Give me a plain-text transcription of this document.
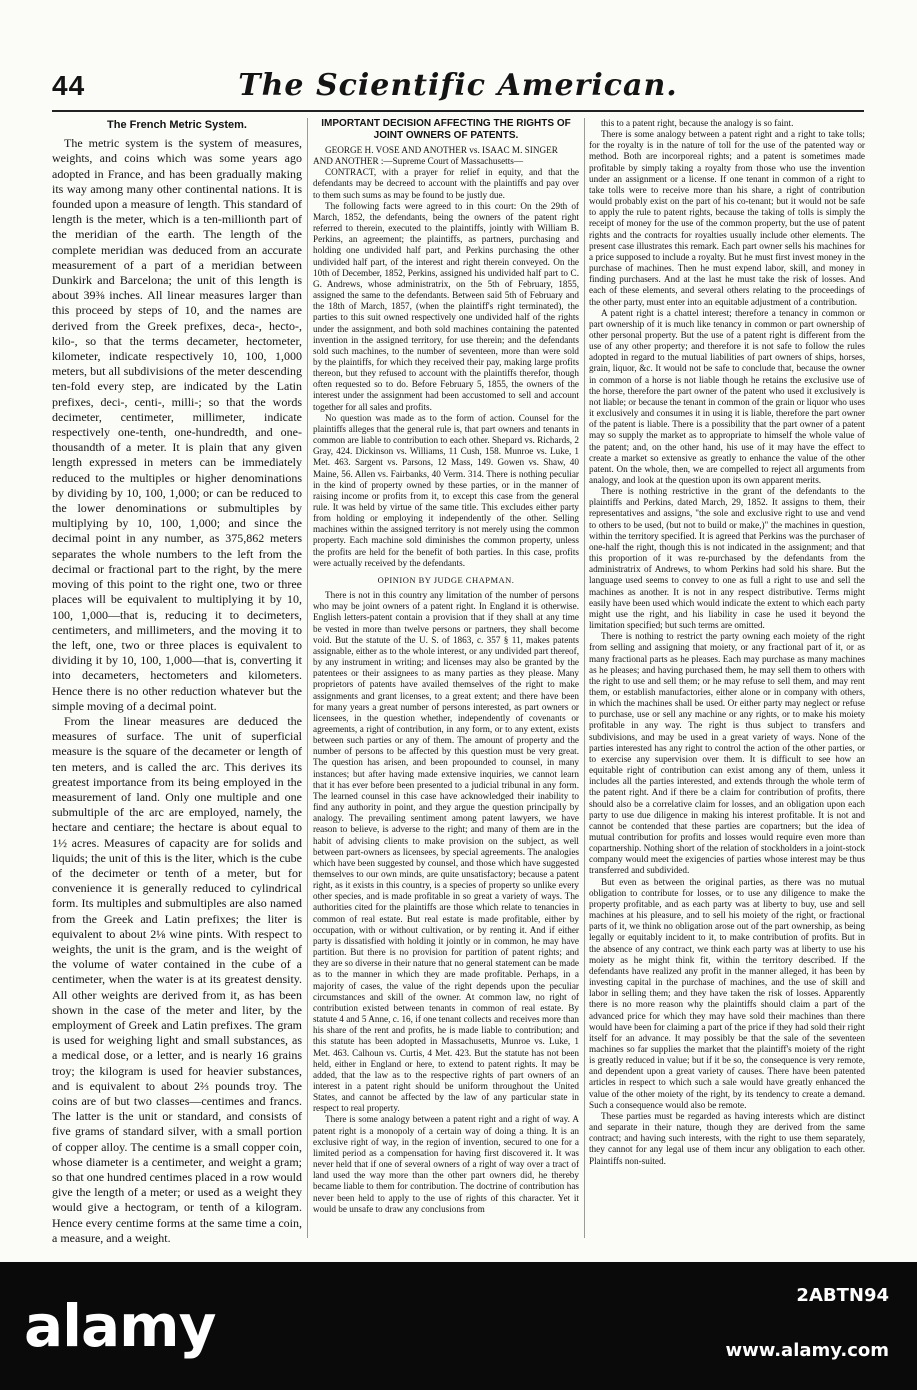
44	The Scientific American.
The French Metric System.

The metric system is the system of measures, weights, and coins which was some years ago adopted in France, and has been gradually making its way among many other continental nations. It is founded upon a measure of length. This standard of length is the meter, which is a ten-millionth part of the meridian of the earth. The length of the complete meridian was deduced from an accurate measurement of a part of a meridian between Dunkirk and Barcelona; the unit of this length is about 39⅜ inches. All linear measures larger than this proceed by steps of 10, and the names are derived from the Greek prefixes, deca-, hecto-, kilo-, so that the terms decameter, hectometer, kilometer, indicate respectively 10, 100, 1,000 meters, but all subdivisions of the meter descending ten-fold every step, are indicated by the Latin prefixes, deci-, centi-, milli-; so that the words decimeter, centimeter, millimeter, indicate respectively one-tenth, one-hundredth, and one-thousandth of a meter. It is plain that any given length expressed in meters can be immediately reduced to the multiples or higher denominations by dividing by 10, 100, 1,000; or can be reduced to the lower denominations or submultiples by multiplying by 10, 100, 1,000; and since the decimal point in any number, as 375,862 meters separates the whole numbers to the left from the decimal or fractional part to the right, by the mere moving of this point to the right one, two or three places will be equivalent to multiplying it by 10, 100, 1,000—that is, reducing it to decimeters, centimeters, and millimeters, and the moving it to the left, one, two or three places is equivalent to dividing it by 10, 100, 1,000—that is, converting it into decameters, hectometers and kilometers. Hence there is no other reduction whatever but the simple moving of a decimal point.

From the linear measures are deduced the measures of surface. The unit of superficial measure is the square of the decameter or length of ten meters, and is called the arc. This derives its greatest importance from its being employed in the measurement of land. Only one multiple and one submultiple of the arc are employed, namely, the hectare and centiare; the hectare is about equal to 1½ acres. Measures of capacity are for solids and liquids; the unit of this is the liter, which is the cube of the decimeter or tenth of a meter, but for convenience it is generally reduced to cylindrical form. Its multiples and submultiples are also named from the Greek and Latin prefixes; the liter is equivalent to about 2⅛ wine pints. With respect to weights, the unit is the gram, and is the weight of the volume of water contained in the cube of a centimeter, when the water is at its greatest density. All other weights are derived from it, as has been shown in the case of the meter and liter, by the employment of Greek and Latin prefixes. The gram is used for weighing light and small substances, as a medical dose, or a letter, and is nearly 16 grains troy; the kilogram is used for heavier substances, and is equivalent to about 2⅔ pounds troy. The coins are of but two classes—centimes and francs. The latter is the unit or standard, and consists of five grams of standard silver, with a small portion of copper alloy. The centime is a small copper coin, whose diameter is a centimeter, and weight a gram; so that one hundred centimes placed in a row would give the length of a meter; or used as a weight they would give a hectogram, or tenth of a kilogram. Hence every centime forms at the same time a coin, a measure, and a weight.

IMPORTANT DECISION AFFECTING THE RIGHTS OF JOINT OWNERS OF PATENTS.

GEORGE H. VOSE AND ANOTHER vs. ISAAC M. SINGER AND ANOTHER :—Supreme Court of Massachusetts—

CONTRACT, with a prayer for relief in equity, and that the defendants may be decreed to account with the plaintiffs and pay over to them such sums as may be found to be justly due.

The following facts were agreed to in this court: On the 29th of March, 1852, the defendants, being the owners of the patent right referred to therein, executed to the plaintiffs, jointly with William B. Perkins, an agreement; the plaintiffs, as partners, purchasing and holding one undivided half part, and Perkins purchasing the other undivided half part, of the interest and right therein conveyed. On the 10th of December, 1852, Perkins, assigned his undivided half part to C. G. Andrews, whose administratrix, on the 5th of February, 1855, assigned the same to the defendants. Between said 5th of February and the 18th of March, 1857, (when the plaintiff's right terminated), the parties to this suit owned respectively one undivided half of the rights under the assignment, and both sold machines containing the patented invention in the assigned territory, for use therein; and the defendants sold such machines, to the number of seventeen, more than were sold by the plaintiffs, for which they received their pay, making large profits thereon, but they refused to account with the plaintiffs therefor, though often requested so to do. Before February 5, 1855, the owners of the interest under the assignment had been accustomed to sell and account together for all sales and profits.

No question was made as to the form of action. Counsel for the plaintiffs alleges that the general rule is, that part owners and tenants in common are liable to contribution to each other. Shepard vs. Richards, 2 Gray, 424. Dickinson vs. Williams, 11 Cush, 158. Munroe vs. Luke, 1 Met. 463. Sargent vs. Parsons, 12 Mass, 149. Gowen vs. Shaw, 40 Maine, 56. Allen vs. Fairbanks, 40 Verm. 314. There is nothing peculiar in the kind of property owned by these parties, or in the manner of raising income or profits from it, to except this case from the general rule. It was held by virtue of the same title. This excludes either party from holding or employing it independently of the other. Selling machines within the assigned territory is not merely using the common property. Each machine sold diminishes the common property, unless the profits are held for the benefit of both parties. In this case, profits were actually received by the defendants.

OPINION BY JUDGE CHAPMAN.

There is not in this country any limitation of the number of persons who may be joint owners of a patent right. In England it is otherwise. English letters-patent contain a provision that if they shall at any time be vested in more than twelve persons or partners, they shall become void. But the statute of the U. S. of 1863, c. 357 § 11, makes patents assignable, either as to the whole interest, or any undivided part thereof, by any instrument in writing; and licenses may also be granted by the patentees or their assignees to as many parties as they please. Many proprietors of patents have availed themselves of the right to make assignments and grant licenses, to a great extent; and there have been for many years a great number of persons interested, as part owners or licensees, in the question whether, independently of covenants or agreements, a right of contribution, in any form, or to any extent, exists between such parties or any of them. The amount of property and the number of persons to be affected by this question must be very great. The question has arisen, and been propounded to counsel, in many instances; but after having made extensive inquiries, we cannot learn that it has ever before been presented to a judicial tribunal in any form. The learned counsel in this case have acknowledged their inability to find any authority in point, and they argue the question principally by analogy. The prevailing sentiment among patent lawyers, we have reason to believe, is adverse to the right; and many of them are in the habit of advising clients to make provision on the subject, as well between part-owners as licensees, by special agreements. The analogies which have been suggested by counsel, and those which have suggested themselves to our own minds, are quite unsatisfactory; because a patent right, as it exists in this country, is a species of property so unlike every other species, and is made profitable in so great a variety of ways. The authorities cited for the plaintiffs are those which relate to tenancies in common of real estate. But real estate is made profitable, either by occupation, with or without cultivation, or by renting it. And if either party is dissatisfied with holding it jointly or in common, he may have partition. But there is no provision for partition of patent rights; and they are so diverse in their nature that no general statement can be made as to the manner in which they are made profitable. Perhaps, in a majority of cases, the value of the right depends upon the peculiar circumstances and skill of the owner. At common law, no right of contribution existed between tenants in common of real estate. By statute 4 and 5 Anne, c. 16, if one tenant collects and receives more than his share of the rent and profits, he is made liable to contribution; and this statute has been adopted in Massachusetts, Munroe vs. Luke, 1 Met. 463. Calhoun vs. Curtis, 4 Met. 423. But the statute has not been held, either in England or here, to extend to patent rights. It may be added, that the law as to the respective rights of part owners of an interest in a patent right should be uniform throughout the United States, and cannot be affected by the law of any particular state in respect to real property.

There is some analogy between a patent right and a right of way. A patent right is a monopoly of a certain way of doing a thing. It is an exclusive right of way, in the region of invention, secured to one for a limited period as a compensation for having first discovered it. It was never held that if one of several owners of a right of way over a tract of land used the way more than the other part owners did, he thereby became liable to them for contribution. The doctrine of contribution has never been held to apply to the use of rights of this character. Yet it would be unsafe to draw any conclusions from

this to a patent right, because the analogy is so faint.

There is some analogy between a patent right and a right to take tolls; for the royalty is in the nature of toll for the use of the patented way or method. Both are incorporeal rights; and a patent is sometimes made profitable by simply taking a royalty from those who use the invention under an assignment or a license. If one tenant in common of a right to take tolls were to receive more than his share, a right of contribution would probably exist on the part of his co-tenant; but it would not be safe to apply the rule to patent rights, because the taking of tolls is simply the receipt of money for the use of the common property, but the use of patent rights and the contracts for royalties usually include other elements. The present case illustrates this remark. Each part owner sells his machines for a price supposed to include a royalty. But he must first invest money in the purchase of machines. Then he must expend labor, skill, and money in finding purchasers. And at the last he must take the risk of losses. And each of these elements, and several others relating to the proceedings of the other party, must enter into an equitable adjustment of a contribution.

A patent right is a chattel interest; therefore a tenancy in common or part ownership of it is much like tenancy in common or part ownership of other personal property. But the use of a patent right is different from the use of any other property; and therefore it is not safe to follow the rules adopted in regard to the mutual liabilities of part owners of ships, horses, grain, liquor, &c. It would not be safe to conclude that, because the owner in common of a horse is not liable though he retains the exclusive use of the horse, therefore the part owner of the patent who used it exclusively is not liable; or because the tenant in common of the grain or liquor who uses it exclusively and consumes it in using it is liable, therefore the part owner of the patent is liable. There is a possibility that the part owner of a patent may so supply the market as to appropriate to himself the whole value of the patent; and, on the other hand, his use of it may have the effect to create a market so extensive as greatly to enhance the value of the other patent. On the whole, then, we are compelled to reject all arguments from analogy, and look at the question upon its own apparent merits.

There is nothing restrictive in the grant of the defendants to the plaintiffs and Perkins, dated March, 29, 1852. It assigns to them, their representatives and assigns, "the sole and exclusive right to use and vend to others to be used, (but not to build or make,)" the machines in question, within the territory specified. It is agreed that Perkins was the purchaser of one-half the right, though this is not indicated in the assignment; and that this proportion of it was re-purchased by the defendants from the administratrix of Andrews, to whom Perkins had sold his share. But the language used seems to convey to one as full a right to use and sell the machines as another. It is not in any respect distributive. Terms might easily have been used which would indicate the extent to which each party might use the right, and his liability in case he used it beyond the limitation specified; but such terms are omitted.

There is nothing to restrict the party owning each moiety of the right from selling and assigning that moiety, or any fractional part of it, or as many fractional parts as he pleases. Each may purchase as many machines as he pleases; and having purchased them, he may sell them to others with the right to use and sell them; or he may refuse to sell them, and may rent them, or establish manufactories, either alone or in company with others, in which the machines shall be used. Or either party may neglect or refuse to purchase, use or sell any machine or any rights, or to make his moiety profitable in any way. The right is thus subject to transfers and subdivisions, and may be used in a great variety of ways. None of the parties interested has any right to control the action of the other parties, or to exercise any supervision over them. It is difficult to see how an equitable right of contribution can exist among any of them, unless it includes all the parties interested, and extends through the whole term of the patent right. And if there be a claim for contribution of profits, there should also be a correlative claim for losses, and an obligation upon each party to use due diligence in making his interest profitable. It is not and cannot be contended that these parties are copartners; but the idea of mutual contribution for profits and losses would require even more than copartnership. Nothing short of the relation of stockholders in a joint-stock company would meet the exigencies of parties whose interest may be thus transferred and subdivided.

But even as between the original parties, as there was no mutual obligation to contribute for losses, or to use any diligence to make the property profitable, and as each party was at liberty to buy, use and sell machines at his pleasure, and to sell his moiety of the right, or fractional parts of it, we think no obligation arose out of the part ownership, as being legally or equitably incident to it, to make contribution of profits. But in the absence of any contract, we think each party was at liberty to use his moiety as he might think fit, within the territory described. If the defendants have realized any profit in the manner alleged, it has been by investing capital in the purchase of machines, and the use of skill and labor in selling them; and they have taken the risk of losses. Apparently there is no more reason why the plaintiffs should claim a part of the advanced price for which they may have sold their machines than there would have been for claiming a part of the price if they had sold their right itself for an advance. It may possibly be that the sale of the seventeen machines so far supplies the market that the plaintiff's moiety of the right is greatly reduced in value; but if it be so, the consequence is very remote, and dependent upon a great variety of causes. There have been patented articles in respect to which such a sale would have greatly enhanced the value of the other moiety of the right, by its tendency to create a demand. Such a consequence would also be remote.

These parties must be regarded as having interests which are distinct and separate in their nature, though they are derived from the same contract; and having such interests, with the right to use them separately, they cannot for any legal use of them incur any obligation to each other. Plaintiffs non-suited.

alamy	2ABTN94
www.alamy.com
